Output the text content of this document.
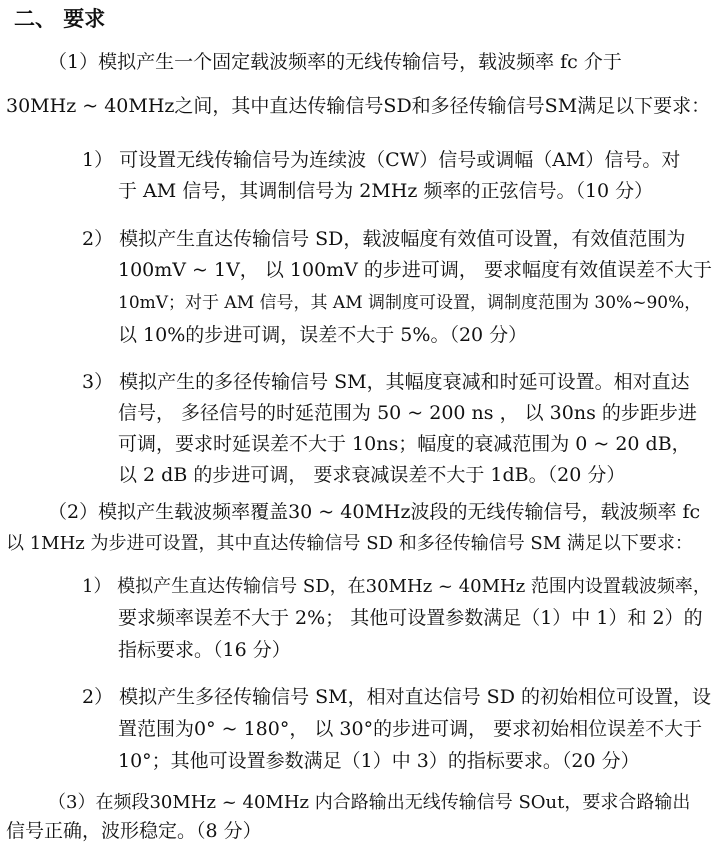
二、 要求
（1）模拟产生一个固定载波频率的无线传输信号，载波频率 fc 介于
30MHz ~ 40MHz之间，其中直达传输信号SD和多径传输信号SM满足以下要求：
1） 可设置无线传输信号为连续波（CW）信号或调幅（AM）信号。对
于 AM 信号，其调制信号为 2MHz 频率的正弦信号。（10 分）
2） 模拟产生直达传输信号 SD，载波幅度有效值可设置，有效值范围为
100mV ~ 1V， 以 100mV 的步进可调， 要求幅度有效值误差不大于
10mV；对于 AM 信号，其 AM 调制度可设置，调制度范围为 30%~90%，
以 10%的步进可调，误差不大于 5%。（20 分）
3） 模拟产生的多径传输信号 SM，其幅度衰减和时延可设置。相对直达
信号， 多径信号的时延范围为 50 ~ 200 ns ， 以 30ns 的步距步进
可调，要求时延误差不大于 10ns；幅度的衰减范围为 0 ~ 20 dB，
以 2 dB 的步进可调， 要求衰减误差不大于 1dB。（20 分）
（2）模拟产生载波频率覆盖30 ~ 40MHz波段的无线传输信号，载波频率 fc
以 1MHz 为步进可设置，其中直达传输信号 SD 和多径传输信号 SM 满足以下要求：
1） 模拟产生直达传输信号 SD，在30MHz ~ 40MHz 范围内设置载波频率，
要求频率误差不大于 2%； 其他可设置参数满足（1）中 1）和 2）的
指标要求。（16 分）
2） 模拟产生多径传输信号 SM，相对直达信号 SD 的初始相位可设置，设
置范围为0° ~ 180°， 以 30°的步进可调， 要求初始相位误差不大于
10°；其他可设置参数满足（1）中 3）的指标要求。（20 分）
（3）在频段30MHz ~ 40MHz 内合路输出无线传输信号 SOut，要求合路输出
信号正确，波形稳定。（8 分）
